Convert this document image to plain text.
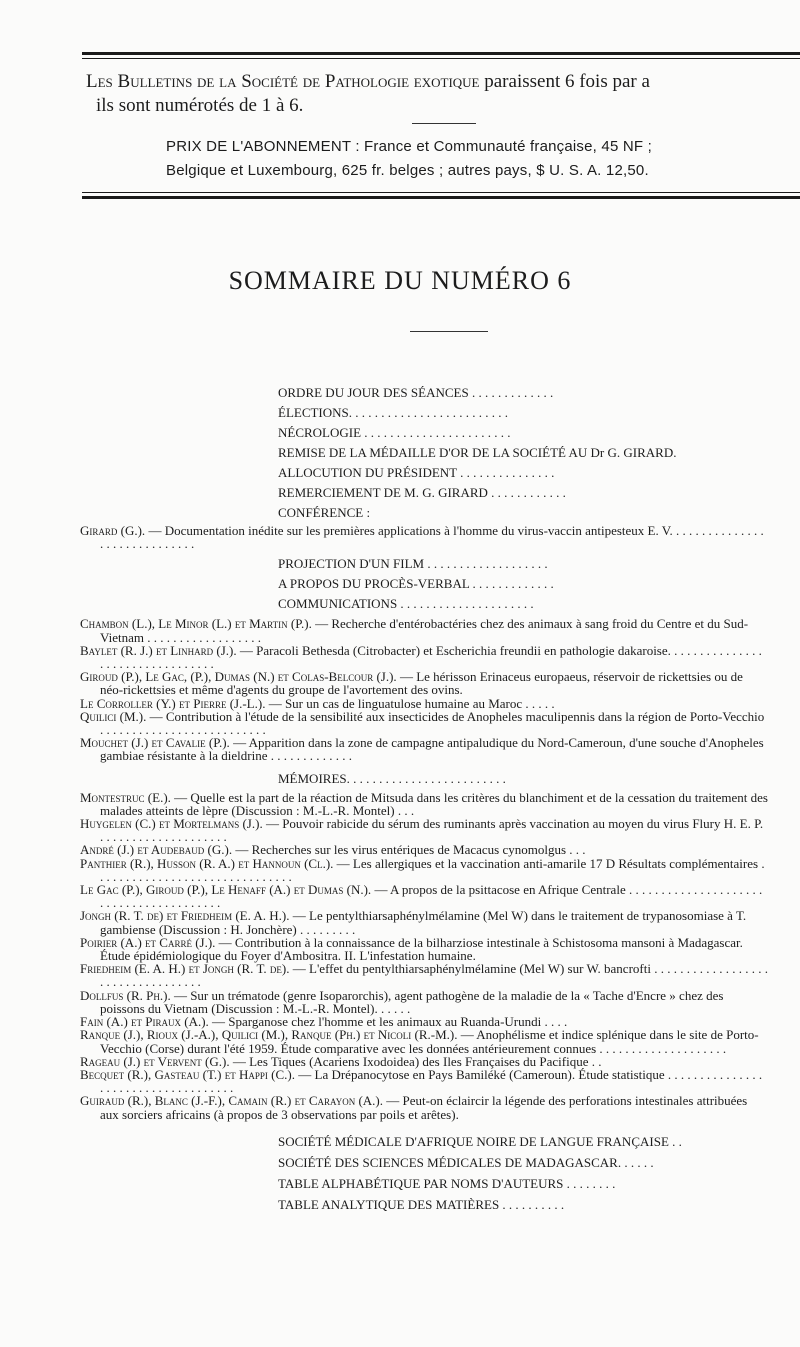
Les Bulletins de la Société de Pathologie exotique paraissent 6 fois par a
ils sont numérotés de 1 à 6.
PRIX DE L'ABONNEMENT : France et Communauté française, 45 NF ;
Belgique et Luxembourg, 625 fr. belges ; autres pays, $ U. S. A. 12,50.
SOMMAIRE DU NUMÉRO 6
ORDRE DU JOUR DES SÉANCES . . . . . . . . . . . . .
ÉLECTIONS. . . . . . . . . . . . . . . . . . . . . . . . .
NÉCROLOGIE . . . . . . . . . . . . . . . . . . . . . . .
REMISE DE LA MÉDAILLE D'OR DE LA SOCIÉTÉ AU Dr G. GIRARD.
ALLOCUTION DU PRÉSIDENT . . . . . . . . . . . . . . .
REMERCIEMENT DE M. G. GIRARD . . . . . . . . . . . .
CONFÉRENCE :
Girard (G.). — Documentation inédite sur les premières applications à l'homme du virus-vaccin antipesteux E. V. . . . . . . . . . . . . . . . . . . . . . . . . . . . . .
PROJECTION D'UN FILM . . . . . . . . . . . . . . . . . . .
A PROPOS DU PROCÈS-VERBAL . . . . . . . . . . . . .
COMMUNICATIONS . . . . . . . . . . . . . . . . . . . . .
Chambon (L.), Le Minor (L.) et Martin (P.). — Recherche d'entérobactéries chez des animaux à sang froid du Centre et du Sud-Vietnam . . . . . . . . . . . . . . . . . .
Baylet (R. J.) et Linhard (J.). — Paracoli Bethesda (Citrobacter) et Escherichia freundii en pathologie dakaroise. . . . . . . . . . . . . . . . . . . . . . . . . . . . . . . . .
Giroud (P.), Le Gac, (P.), Dumas (N.) et Colas-Belcour (J.). — Le hérisson Erinaceus europaeus, réservoir de rickettsies ou de néo-rickettsies et même d'agents du groupe de l'avortement des ovins.
Le Corroller (Y.) et Pierre (J.-L.). — Sur un cas de linguatulose humaine au Maroc . . . . .
Quilici (M.). — Contribution à l'étude de la sensibilité aux insecticides de Anopheles maculipennis dans la région de Porto-Vecchio . . . . . . . . . . . . . . . . . . . . . . . . . .
Mouchet (J.) et Cavalie (P.). — Apparition dans la zone de campagne antipaludique du Nord-Cameroun, d'une souche d'Anopheles gambiae résistante à la dieldrine . . . . . . . . . . . . .
MÉMOIRES. . . . . . . . . . . . . . . . . . . . . . . . .
Montestruc (E.). — Quelle est la part de la réaction de Mitsuda dans les critères du blanchiment et de la cessation du traitement des malades atteints de lèpre (Discussion : M.-L.-R. Montel) . . .
Huygelen (C.) et Mortelmans (J.). — Pouvoir rabicide du sérum des ruminants après vaccination au moyen du virus Flury H. E. P. . . . . . . . . . . . . . . . . . . . .
André (J.) et Audebaud (G.). — Recherches sur les virus entériques de Macacus cynomolgus . . .
Panthier (R.), Husson (R. A.) et Hannoun (Cl.). — Les allergiques et la vaccination anti-amarile 17 D Résultats complémentaires . . . . . . . . . . . . . . . . . . . . . . . . . . . . . . .
Le Gac (P.), Giroud (P.), Le Henaff (A.) et Dumas (N.). — A propos de la psittacose en Afrique Centrale . . . . . . . . . . . . . . . . . . . . . . . . . . . . . . . . . . . . . . . .
Jongh (R. T. de) et Friedheim (E. A. H.). — Le pentylthiarsaphénylmélamine (Mel W) dans le traitement de trypanosomiase à T. gambiense (Discussion : H. Jonchère) . . . . . . . . .
Poirier (A.) et Carré (J.). — Contribution à la connaissance de la bilharziose intestinale à Schistosoma mansoni à Madagascar. Étude épidémiologique du Foyer d'Ambositra. II. L'infestation humaine.
Friedheim (E. A. H.) et Jongh (R. T. de). — L'effet du pentylthiarsaphénylmélamine (Mel W) sur W. bancrofti . . . . . . . . . . . . . . . . . . . . . . . . . . . . . . . . . .
Dollfus (R. Ph.). — Sur un trématode (genre Isoparorchis), agent pathogène de la maladie de la « Tache d'Encre » chez des poissons du Vietnam (Discussion : M.-L.-R. Montel). . . . . .
Fain (A.) et Piraux (A.). — Sparganose chez l'homme et les animaux au Ruanda-Urundi . . . .
Ranque (J.), Rioux (J.-A.), Quilici (M.), Ranque (Ph.) et Nicoli (R.-M.). — Anophélisme et indice splénique dans le site de Porto-Vecchio (Corse) durant l'été 1959. Étude comparative avec les données antérieurement connues . . . . . . . . . . . . . . . . . . . .
Rageau (J.) et Vervent (G.). — Les Tiques (Acariens Ixodoidea) des Iles Françaises du Pacifique . .
Becquet (R.), Gasteau (T.) et Happi (C.). — La Drépanocytose en Pays Bamiléké (Cameroun). Étude statistique . . . . . . . . . . . . . . . . . . . . . . . . . . . . . . . . . . . .
Guiraud (R.), Blanc (J.-F.), Camain (R.) et Carayon (A.). — Peut-on éclaircir la légende des perforations intestinales attribuées aux sorciers africains (à propos de 3 observations par poils et arêtes).
SOCIÉTÉ MÉDICALE D'AFRIQUE NOIRE DE LANGUE FRANÇAISE . .
SOCIÉTÉ DES SCIENCES MÉDICALES DE MADAGASCAR. . . . . .
TABLE ALPHABÉTIQUE PAR NOMS D'AUTEURS . . . . . . . .
TABLE ANALYTIQUE DES MATIÈRES . . . . . . . . . .
